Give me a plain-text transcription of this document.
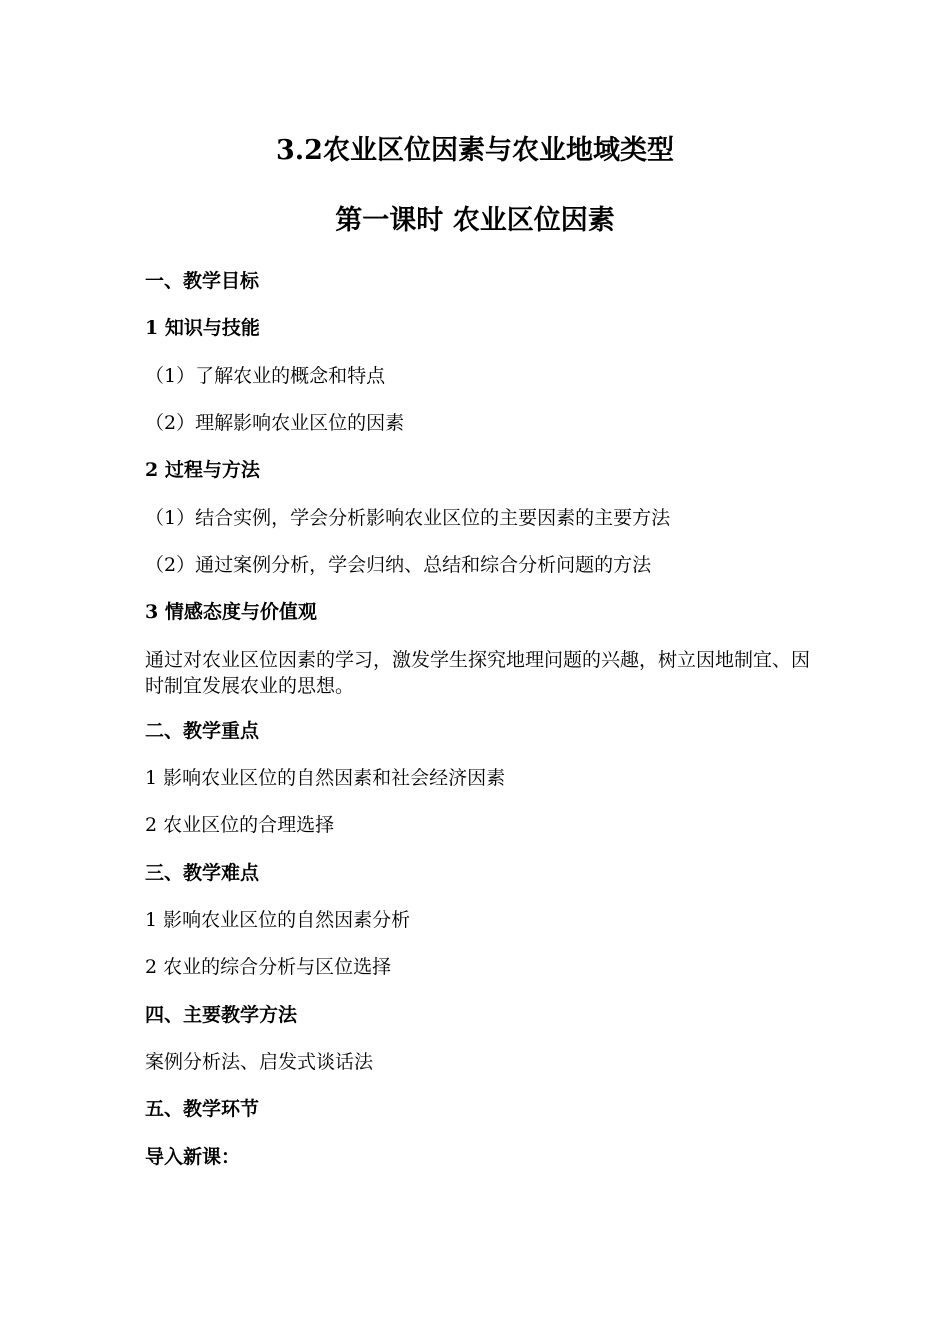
3.2农业区位因素与农业地域类型
第一课时 农业区位因素

一、教学目标

1 知识与技能

（1）了解农业的概念和特点

（2）理解影响农业区位的因素

2 过程与方法

（1）结合实例，学会分析影响农业区位的主要因素的主要方法

（2）通过案例分析，学会归纳、总结和综合分析问题的方法

3 情感态度与价值观

通过对农业区位因素的学习，激发学生探究地理问题的兴趣，树立因地制宜、因时制宜发展农业的思想。

二、教学重点

1 影响农业区位的自然因素和社会经济因素

2 农业区位的合理选择

三、教学难点

1 影响农业区位的自然因素分析

2 农业的综合分析与区位选择

四、主要教学方法

案例分析法、启发式谈话法

五、教学环节

导入新课：
